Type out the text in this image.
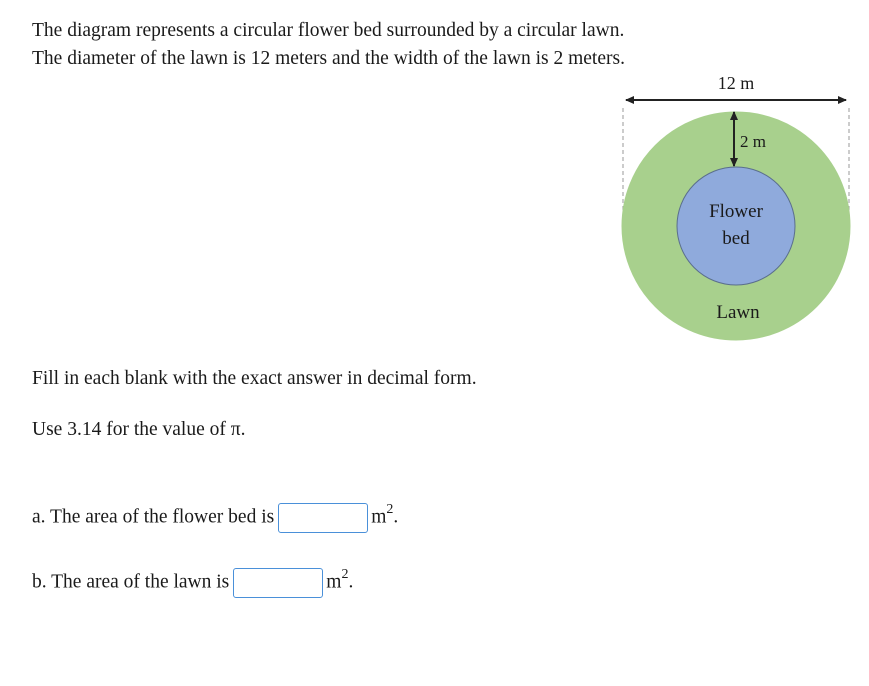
The diagram represents a circular flower bed surrounded by a circular lawn.
The diameter of the lawn is 12 meters and the width of the lawn is 2 meters.
12 m
2 m
Flower
bed
Lawn
Fill in each blank with the exact answer in decimal form.
Use 3.14 for the value of π.
a. The area of the flower bed is	$m^2$.
b. The area of the lawn is	$m^2$.
